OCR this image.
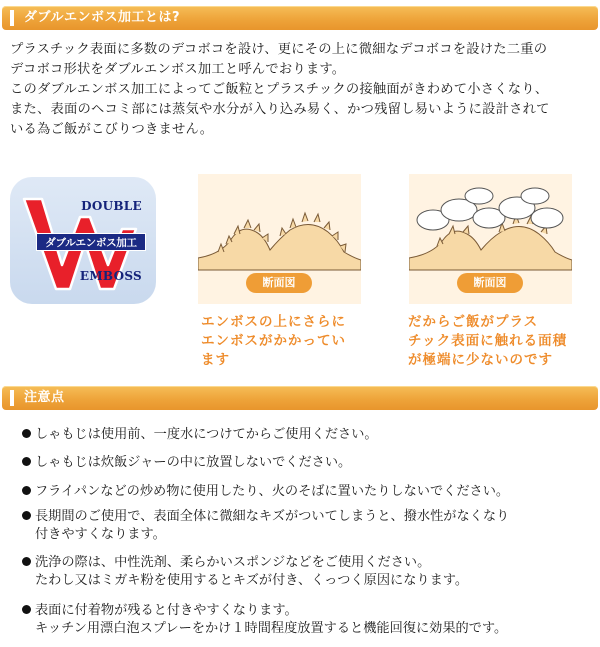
ダブルエンボス加工とは?

プラスチック表面に多数のデコボコを設け、更にその上に微細なデコボコを設けた二重の

デコボコ形状をダブルエンボス加工と呼んでおります。

このダブルエンボス加工によってご飯粒とプラスチックの接触面がきわめて小さくなり、

また、表面のヘコミ部には蒸気や水分が入り込み易く、かつ残留し易いように設計されて

いる為ご飯がこびりつきません。

DOUBLE
ダブルエンボス加工
EMBOSS	断面図	断面図

エンボスの上にさらに

エンボスがかかってい

ます

だからご飯がプラス

チック表面に触れる面積

が極端に少ないのです

注意点
しゃもじは使用前、一度水につけてからご使用ください。
しゃもじは炊飯ジャーの中に放置しないでください。
フライパンなどの炒め物に使用したり、火のそばに置いたりしないでください。
長期間のご使用で、表面全体に微細なキズがついてしまうと、撥水性がなくなり
付きやすくなります。
洗浄の際は、中性洗剤、柔らかいスポンジなどをご使用ください。
たわし又はミガキ粉を使用するとキズが付き、くっつく原因になります。
表面に付着物が残ると付きやすくなります。
キッチン用漂白泡スプレーをかけ１時間程度放置すると機能回復に効果的です。
